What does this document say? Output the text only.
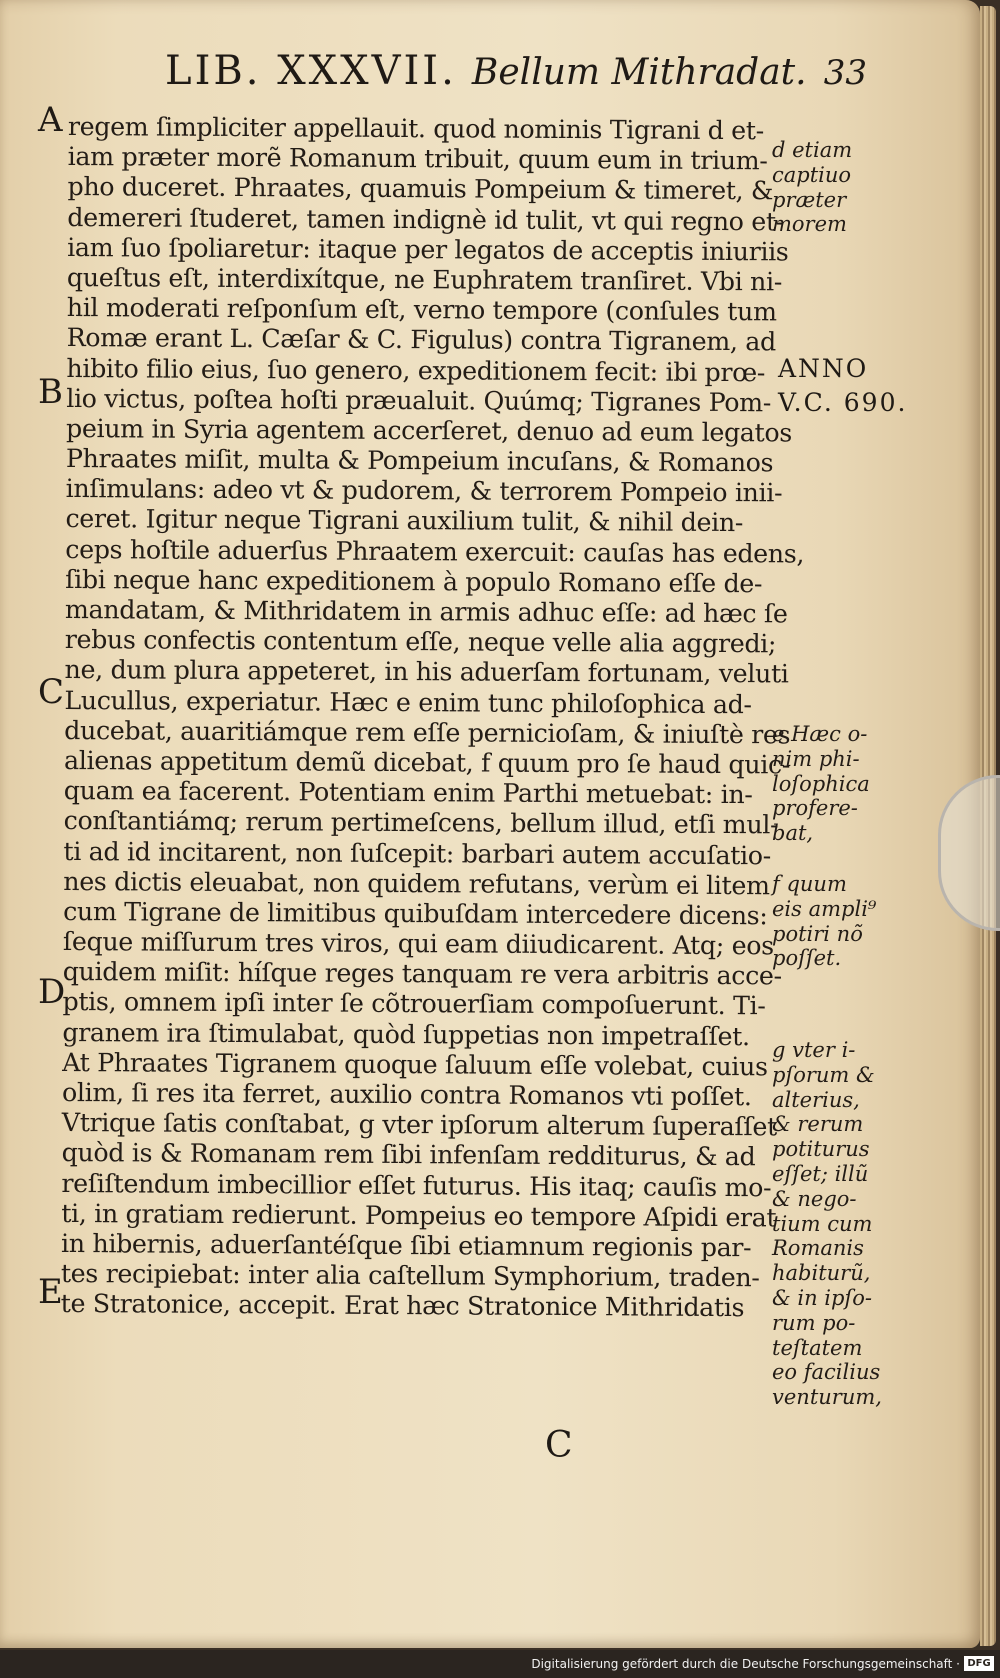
LIB. XXXVII. Bellum Mithradat. 33
A
B
C
D
E
regem ſimpliciter appellauit. quod nominis Tigrani d et-
iam præter morẽ Romanum tribuit, quum eum in trium-
pho duceret. Phraates, quamuis Pompeium & timeret, &
demereri ſtuderet, tamen indignè id tulit, vt qui regno et-
iam ſuo ſpoliaretur: itaque per legatos de acceptis iniuriis
queſtus eſt, interdixítque, ne Euphratem tranſiret. Vbi ni-
hil moderati reſponſum eſt, verno tempore (conſules tum
Romæ erant L. Cæſar & C. Figulus) contra Tigranem, ad
hibito filio eius, ſuo genero, expeditionem fecit: ibi prœ-
lio victus, poſtea hoſti præualuit. Quúmq; Tigranes Pom-
peium in Syria agentem accerſeret, denuo ad eum legatos
Phraates miſit, multa & Pompeium incuſans, & Romanos
inſimulans: adeo vt & pudorem, & terrorem Pompeio inii-
ceret. Igitur neque Tigrani auxilium tulit, & nihil dein-
ceps hoſtile aduerſus Phraatem exercuit: cauſas has edens,
ſibi neque hanc expeditionem à populo Romano eſſe de-
mandatam, & Mithridatem in armis adhuc eſſe: ad hæc ſe
rebus confectis contentum eſſe, neque velle alia aggredi;
ne, dum plura appeteret, in his aduerſam fortunam, veluti
Lucullus, experiatur. Hæc e enim tunc philoſophica ad-
ducebat, auaritiámque rem eſſe pernicioſam, & iniuſtè res
alienas appetitum demũ dicebat, f quum pro ſe haud quic-
quam ea facerent. Potentiam enim Parthi metuebat: in-
conſtantiámq; rerum pertimeſcens, bellum illud, etſi mul-
ti ad id incitarent, non ſuſcepit: barbari autem accuſatio-
nes dictis eleuabat, non quidem refutans, verùm ei litem
cum Tigrane de limitibus quibuſdam intercedere dicens:
ſeque miſſurum tres viros, qui eam diiudicarent. Atq; eos
quidem miſit: híſque reges tanquam re vera arbitris acce-
ptis, omnem ipſi inter ſe cõtrouerſiam compoſuerunt. Ti-
granem ira ſtimulabat, quòd ſuppetias non impetraſſet.
At Phraates Tigranem quoque ſaluum eſſe volebat, cuius
olim, ſi res ita ferret, auxilio contra Romanos vti poſſet.
Vtrique ſatis conſtabat, g vter ipſorum alterum ſuperaſſet
quòd is & Romanam rem ſibi infenſam redditurus, & ad
reſiſtendum imbecillior eſſet futurus. His itaq; cauſis mo-
ti, in gratiam redierunt. Pompeius eo tempore Aſpidi erat
in hibernis, aduerſantéſque ſibi etiamnum regionis par-
tes recipiebat: inter alia caſtellum Symphorium, traden-
te Stratonice, accepit. Erat hæc Stratonice Mithridatis
d etiam
captiuo
præter
morem
ANNO
V.C. 690.
e Hæc o-
nim phi-
loſophica
profere-
bat,
f quum
eis ampli⁹
potiri nõ
poſſet.
g vter i-
pſorum &
alterius,
& rerum
potiturus
eſſet; illũ
& nego-
tium cum
Romanis
habiturũ,
& in ipſo-
rum po-
teſtatem
eo facilius
venturum,
C
Digitalisierung gefördert durch die Deutsche Forschungsgemeinschaft · DFG
